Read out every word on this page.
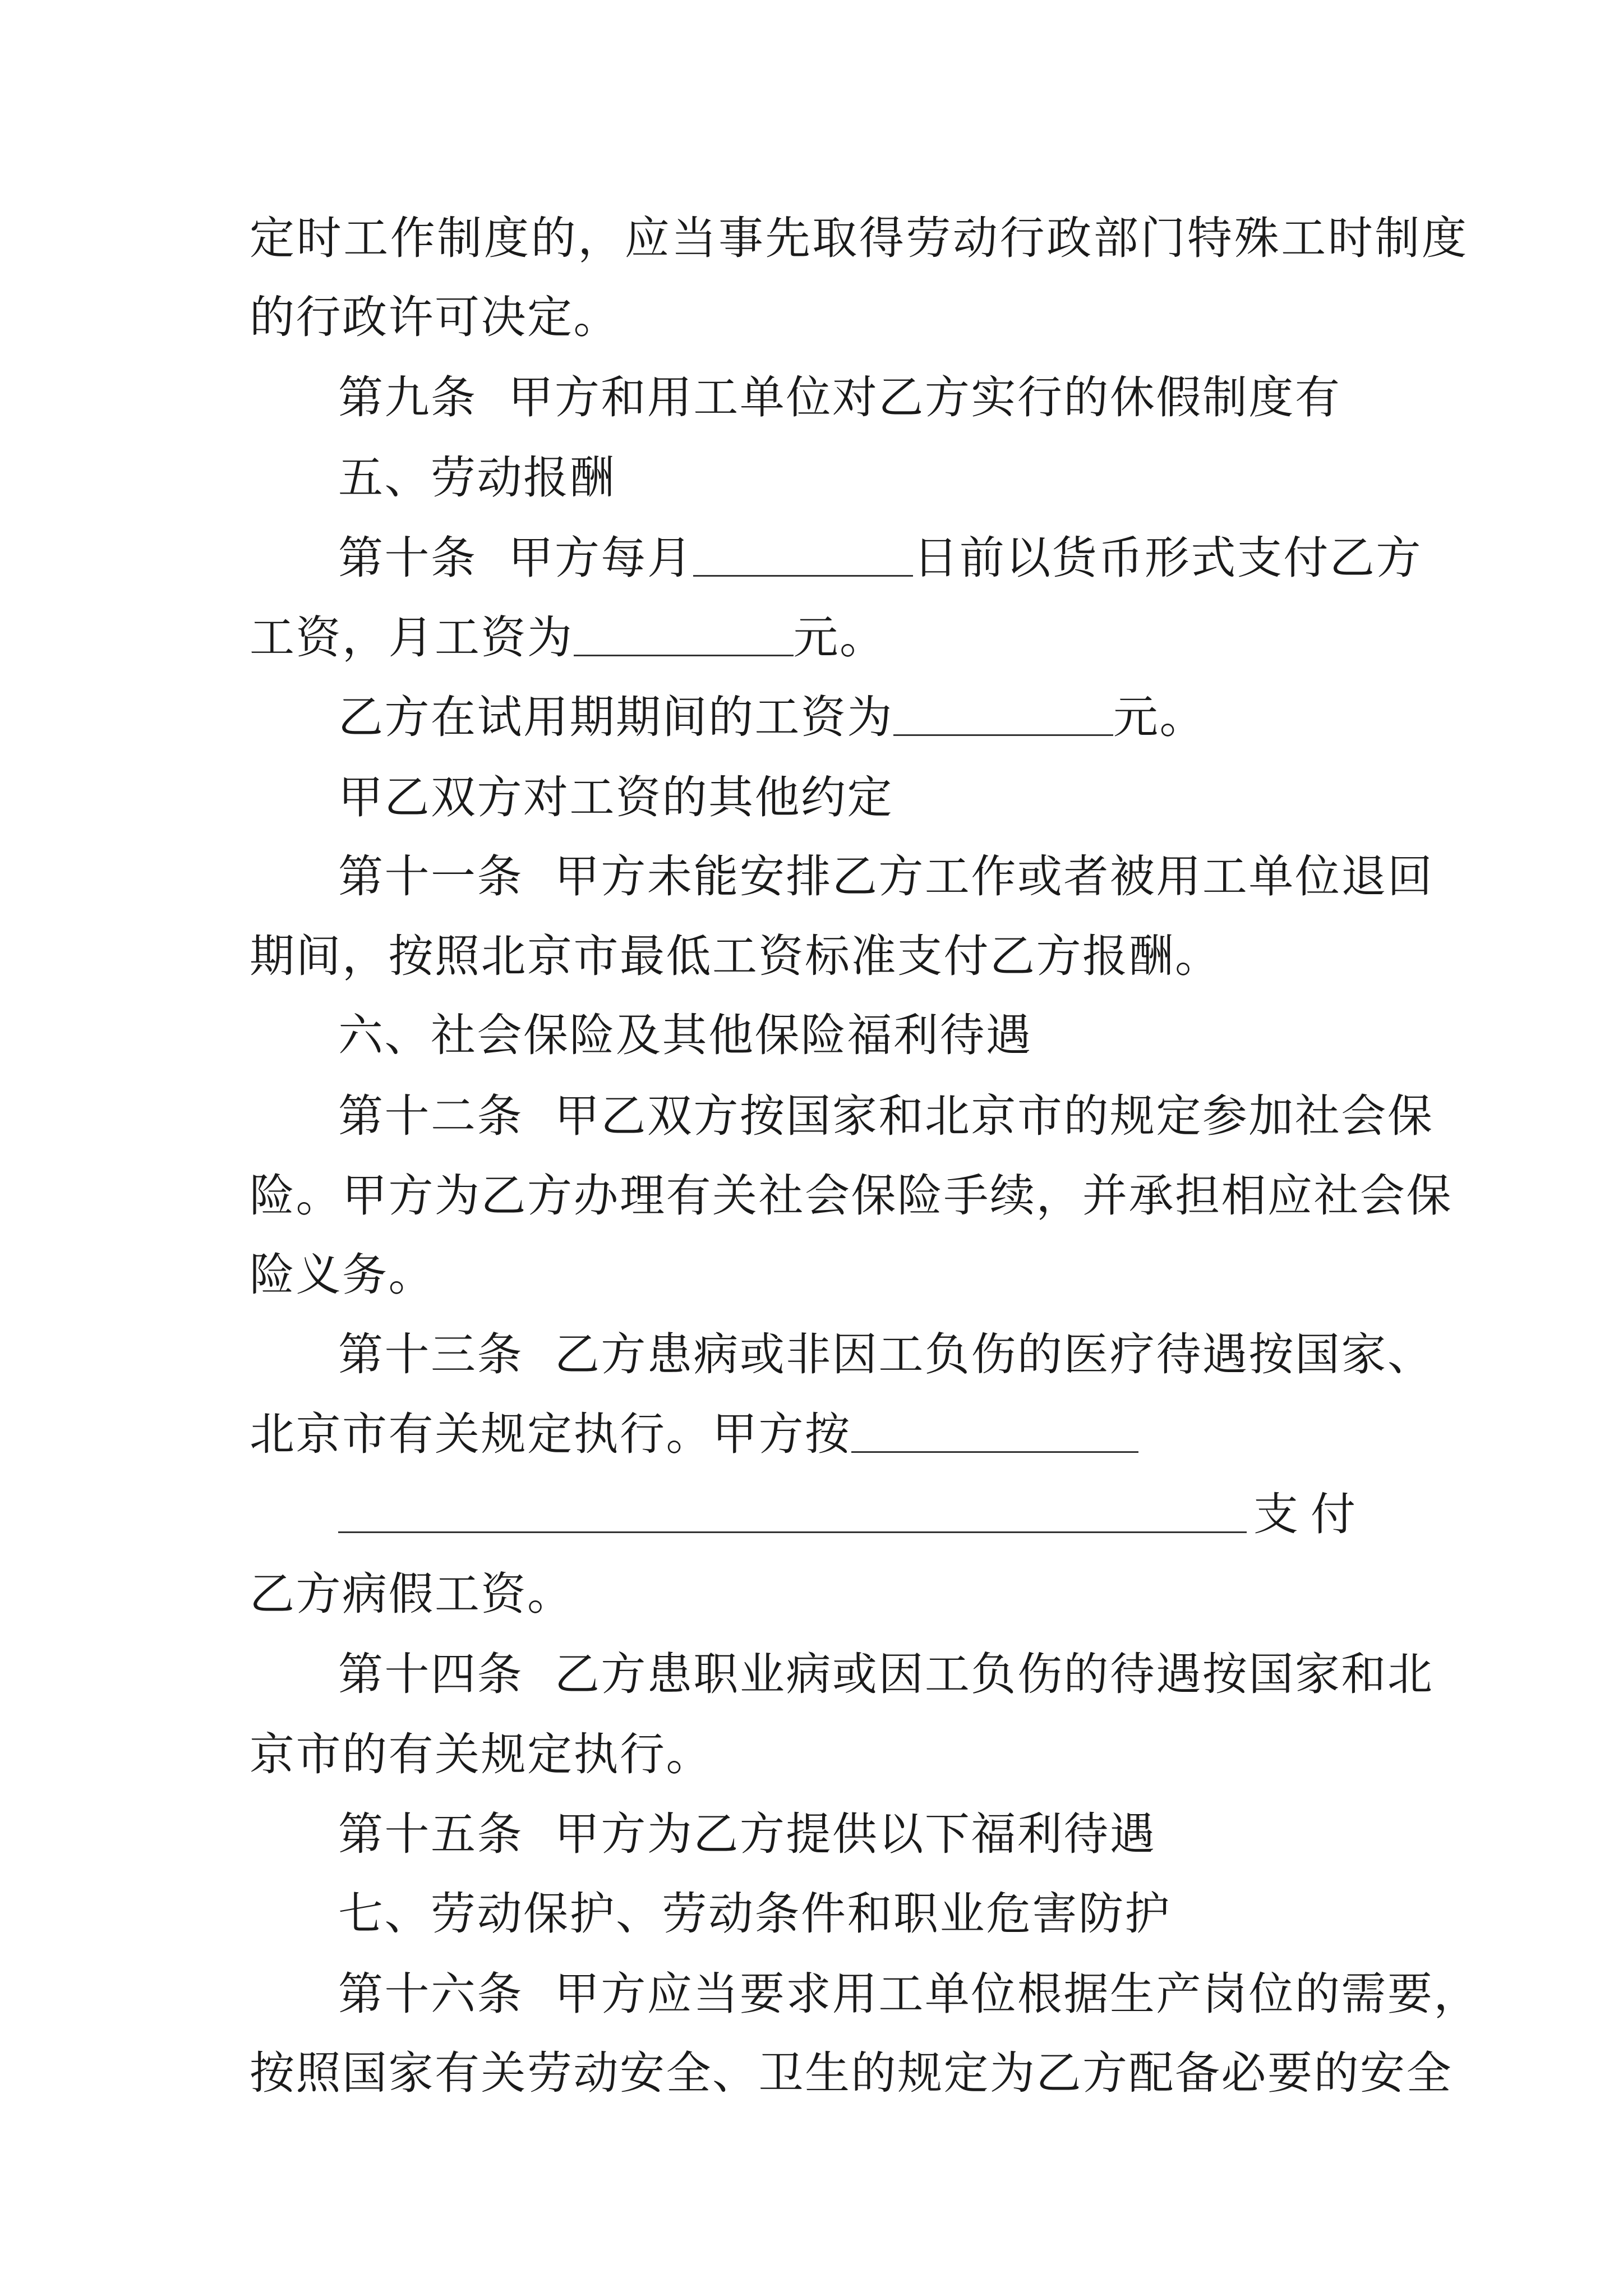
定时工作制度的，应当事先取得劳动行政部门特殊工时制度
的行政许可决定。
第九条  甲方和用工单位对乙方实行的休假制度有
五、劳动报酬
第十条  甲方每月	日前以货币形式支付乙方
工资，月工资为	元。
乙方在试用期期间的工资为	元。
甲乙双方对工资的其他约定
第十一条  甲方未能安排乙方工作或者被用工单位退回
期间，按照北京市最低工资标准支付乙方报酬。
六、社会保险及其他保险福利待遇
第十二条  甲乙双方按国家和北京市的规定参加社会保
险。甲方为乙方办理有关社会保险手续，并承担相应社会保
险义务。
第十三条  乙方患病或非因工负伤的医疗待遇按国家、
北京市有关规定执行。甲方按
支付
乙方病假工资。
第十四条  乙方患职业病或因工负伤的待遇按国家和北
京市的有关规定执行。
第十五条  甲方为乙方提供以下福利待遇
七、劳动保护、劳动条件和职业危害防护
第十六条  甲方应当要求用工单位根据生产岗位的需要，
按照国家有关劳动安全、卫生的规定为乙方配备必要的安全
